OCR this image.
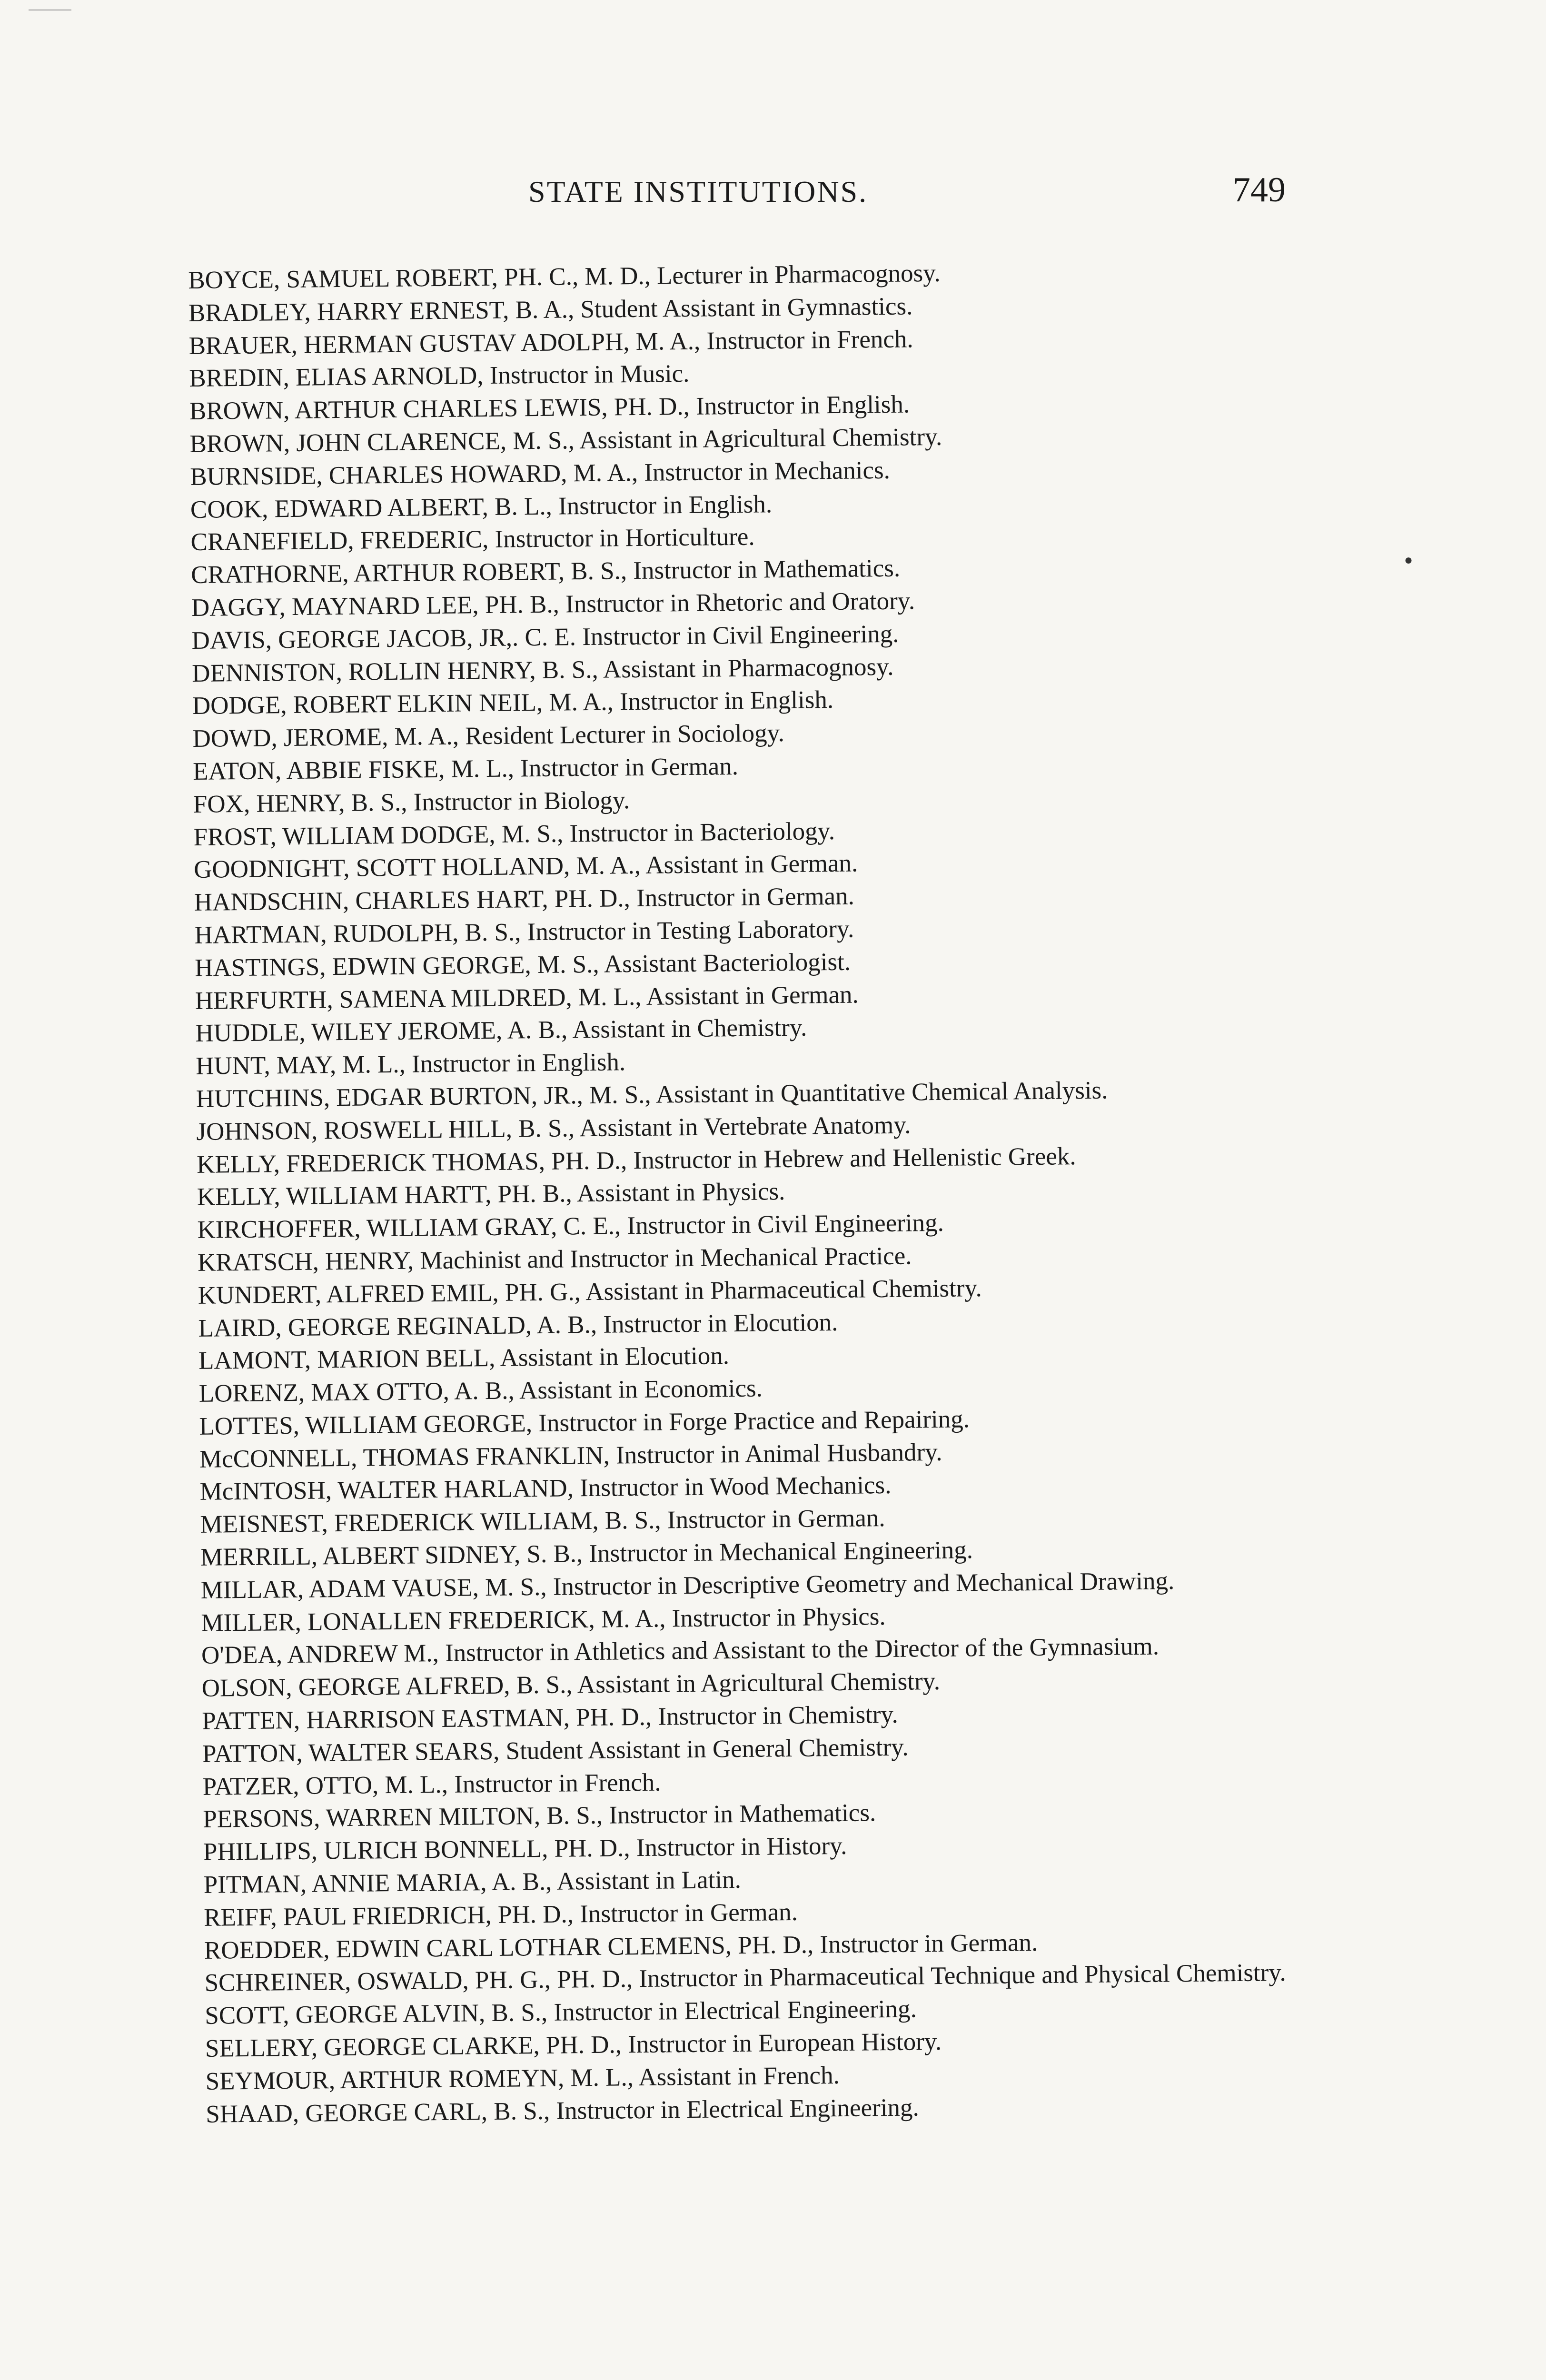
STATE INSTITUTIONS.	749
●
BOYCE, SAMUEL ROBERT, PH. C., M. D., Lecturer in Pharmacognosy.
BRADLEY, HARRY ERNEST, B. A., Student Assistant in Gymnastics.
BRAUER, HERMAN GUSTAV ADOLPH, M. A., Instructor in French.
BREDIN, ELIAS ARNOLD, Instructor in Music.
BROWN, ARTHUR CHARLES LEWIS, PH. D., Instructor in English.
BROWN, JOHN CLARENCE, M. S., Assistant in Agricultural Chemistry.
BURNSIDE, CHARLES HOWARD, M. A., Instructor in Mechanics.
COOK, EDWARD ALBERT, B. L., Instructor in English.
CRANEFIELD, FREDERIC, Instructor in Horticulture.
CRATHORNE, ARTHUR ROBERT, B. S., Instructor in Mathematics.
DAGGY, MAYNARD LEE, PH. B., Instructor in Rhetoric and Oratory.
DAVIS, GEORGE JACOB, JR,. C. E. Instructor in Civil Engineering.
DENNISTON, ROLLIN HENRY, B. S., Assistant in Pharmacognosy.
DODGE, ROBERT ELKIN NEIL, M. A., Instructor in English.
DOWD, JEROME, M. A., Resident Lecturer in Sociology.
EATON, ABBIE FISKE, M. L., Instructor in German.
FOX, HENRY, B. S., Instructor in Biology.
FROST, WILLIAM DODGE, M. S., Instructor in Bacteriology.
GOODNIGHT, SCOTT HOLLAND, M. A., Assistant in German.
HANDSCHIN, CHARLES HART, PH. D., Instructor in German.
HARTMAN, RUDOLPH, B. S., Instructor in Testing Laboratory.
HASTINGS, EDWIN GEORGE, M. S., Assistant Bacteriologist.
HERFURTH, SAMENA MILDRED, M. L., Assistant in German.
HUDDLE, WILEY JEROME, A. B., Assistant in Chemistry.
HUNT, MAY, M. L., Instructor in English.
HUTCHINS, EDGAR BURTON, JR., M. S., Assistant in Quantitative Chemical Analysis.
JOHNSON, ROSWELL HILL, B. S., Assistant in Vertebrate Anatomy.
KELLY, FREDERICK THOMAS, PH. D., Instructor in Hebrew and Hellenistic Greek.
KELLY, WILLIAM HARTT, PH. B., Assistant in Physics.
KIRCHOFFER, WILLIAM GRAY, C. E., Instructor in Civil Engineering.
KRATSCH, HENRY, Machinist and Instructor in Mechanical Practice.
KUNDERT, ALFRED EMIL, PH. G., Assistant in Pharmaceutical Chemistry.
LAIRD, GEORGE REGINALD, A. B., Instructor in Elocution.
LAMONT, MARION BELL, Assistant in Elocution.
LORENZ, MAX OTTO, A. B., Assistant in Economics.
LOTTES, WILLIAM GEORGE, Instructor in Forge Practice and Repairing.
McCONNELL, THOMAS FRANKLIN, Instructor in Animal Husbandry.
McINTOSH, WALTER HARLAND, Instructor in Wood Mechanics.
MEISNEST, FREDERICK WILLIAM, B. S., Instructor in German.
MERRILL, ALBERT SIDNEY, S. B., Instructor in Mechanical Engineering.
MILLAR, ADAM VAUSE, M. S., Instructor in Descriptive Geometry and Mechanical Drawing.
MILLER, LONALLEN FREDERICK, M. A., Instructor in Physics.
O'DEA, ANDREW M., Instructor in Athletics and Assistant to the Director of the Gymnasium.
OLSON, GEORGE ALFRED, B. S., Assistant in Agricultural Chemistry.
PATTEN, HARRISON EASTMAN, PH. D., Instructor in Chemistry.
PATTON, WALTER SEARS, Student Assistant in General Chemistry.
PATZER, OTTO, M. L., Instructor in French.
PERSONS, WARREN MILTON, B. S., Instructor in Mathematics.
PHILLIPS, ULRICH BONNELL, PH. D., Instructor in History.
PITMAN, ANNIE MARIA, A. B., Assistant in Latin.
REIFF, PAUL FRIEDRICH, PH. D., Instructor in German.
ROEDDER, EDWIN CARL LOTHAR CLEMENS, PH. D., Instructor in German.
SCHREINER, OSWALD, PH. G., PH. D., Instructor in Pharmaceutical Technique and Physical Chemistry.
SCOTT, GEORGE ALVIN, B. S., Instructor in Electrical Engineering.
SELLERY, GEORGE CLARKE, PH. D., Instructor in European History.
SEYMOUR, ARTHUR ROMEYN, M. L., Assistant in French.
SHAAD, GEORGE CARL, B. S., Instructor in Electrical Engineering.
